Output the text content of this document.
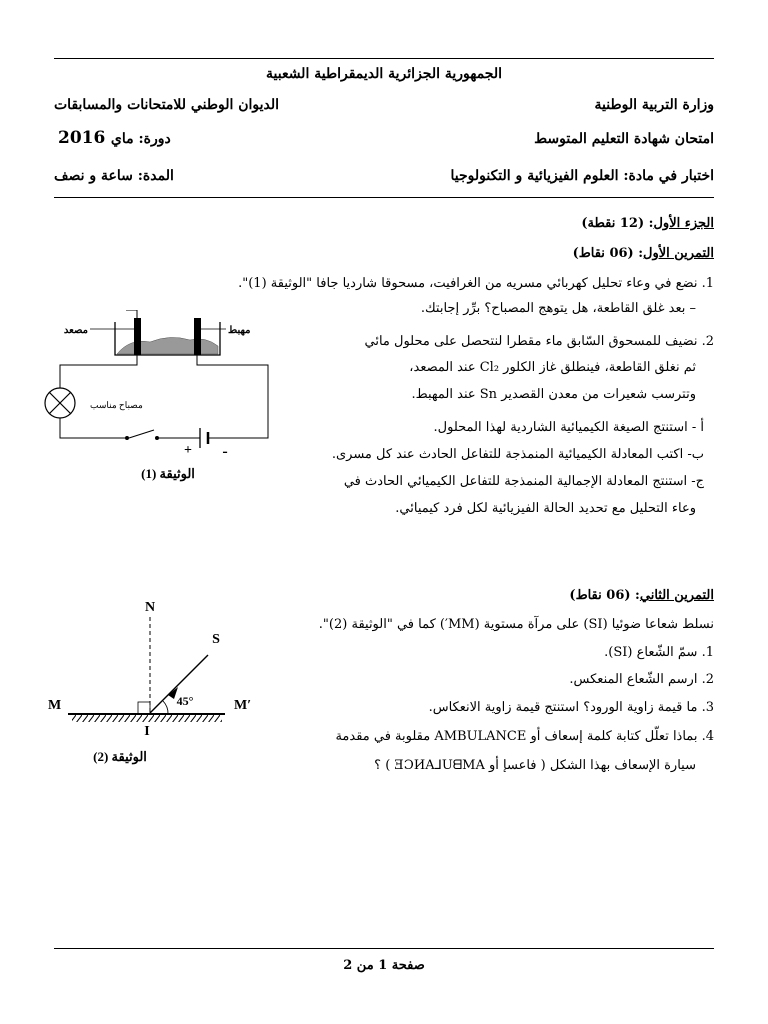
الجمهورية الجزائرية الديمقراطية الشعبية
وزارة التربية الوطنية
الديوان الوطني للامتحانات والمسابقات
امتحان شهادة التعليم المتوسط
دورة: ماي 2016
اختبار في مادة: العلوم الفيزيائية و التكنولوجيا
المدة: ساعة و نصف
الجزء الأول: (12 نقطة)
التمرين الأول: (06 نقاط)
1. نضع في وعاء تحليل كهربائي مسريه من الغرافيت، مسحوقا شارديا جافا "الوثيقة (1)".
– بعد غلق القاطعة، هل يتوهج المصباح؟ برِّر إجابتك.
2. نضيف للمسحوق السّابق ماء مقطرا لنتحصل على محلول مائي
ثم نغلق القاطعة، فينطلق غاز الكلور Cl₂ عند المصعد،
وتترسب شعيرات من معدن القصدير Sn عند المهبط.
أ - استنتج الصيغة الكيميائية الشاردية لهذا المحلول.
ب- اكتب المعادلة الكيميائية المنمذجة للتفاعل الحادث عند كل مسرى.
ج- استنتج المعادلة الإجمالية المنمذجة للتفاعل الكيميائي الحادث في
وعاء التحليل مع تحديد الحالة الفيزيائية لكل فرد كيميائي.
مصعد	مهبط
مصباح مناسب
+ -
الوثيقة (1)
التمرين الثاني: (06 نقاط)
نسلط شعاعا ضوئيا (SI) على مرآة مستوية (MM′) كما في "الوثيقة (2)".
1. سمّ الشّعاع (SI).
2. ارسم الشّعاع المنعكس.
3. ما قيمة زاوية الورود؟ استنتج قيمة زاوية الانعكاس.
4. بماذا تعلّل كتابة كلمة إسعاف أو AMBULANCE مقلوبة في مقدمة
سيارة الإسعاف بهذا الشكل ( فاعسإ أو ƎƆИA⅃UᗺMA ) ؟
N
M	M′
I
S
45°
الوثيقة (2)
صفحة 1 من 2
